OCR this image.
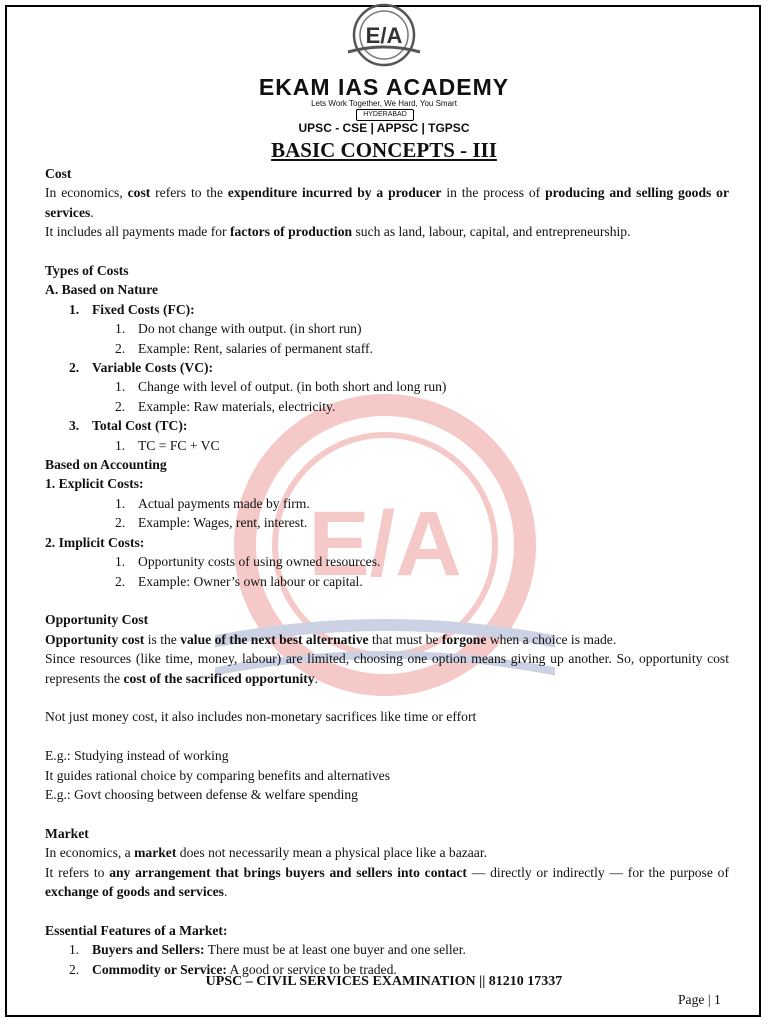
E/A
E/A
EKAM IAS ACADEMY
Lets Work Together, We Hard, You Smart
HYDERABAD
UPSC - CSE | APPSC | TGPSC
BASIC CONCEPTS - III

Cost

In economics, cost refers to the expenditure incurred by a producer in the process of producing and selling goods or services.

It includes all payments made for factors of production such as land, labour, capital, and entrepreneurship.

Types of Costs

A. Based on Nature

1. Fixed Costs (FC):

1. Do not change with output. (in short run)

2. Example: Rent, salaries of permanent staff.

2. Variable Costs (VC):

1. Change with level of output. (in both short and long run)

2. Example: Raw materials, electricity.

3. Total Cost (TC):

1. TC = FC + VC

Based on Accounting

1. Explicit Costs:

1. Actual payments made by firm.

2. Example: Wages, rent, interest.

2. Implicit Costs:

1. Opportunity costs of using owned resources.

2. Example: Owner’s own labour or capital.

Opportunity Cost

Opportunity cost is the value of the next best alternative that must be forgone when a choice is made.

Since resources (like time, money, labour) are limited, choosing one option means giving up another. So, opportunity cost represents the cost of the sacrificed opportunity.

Not just money cost, it also includes non-monetary sacrifices like time or effort

E.g.: Studying instead of working

It guides rational choice by comparing benefits and alternatives

E.g.: Govt choosing between defense & welfare spending

Market

In economics, a market does not necessarily mean a physical place like a bazaar.

It refers to any arrangement that brings buyers and sellers into contact — directly or indirectly — for the purpose of exchange of goods and services.

Essential Features of a Market:

1. Buyers and Sellers: There must be at least one buyer and one seller.

2. Commodity or Service: A good or service to be traded.

UPSC – CIVIL SERVICES EXAMINATION || 81210 17337
Page | 1
